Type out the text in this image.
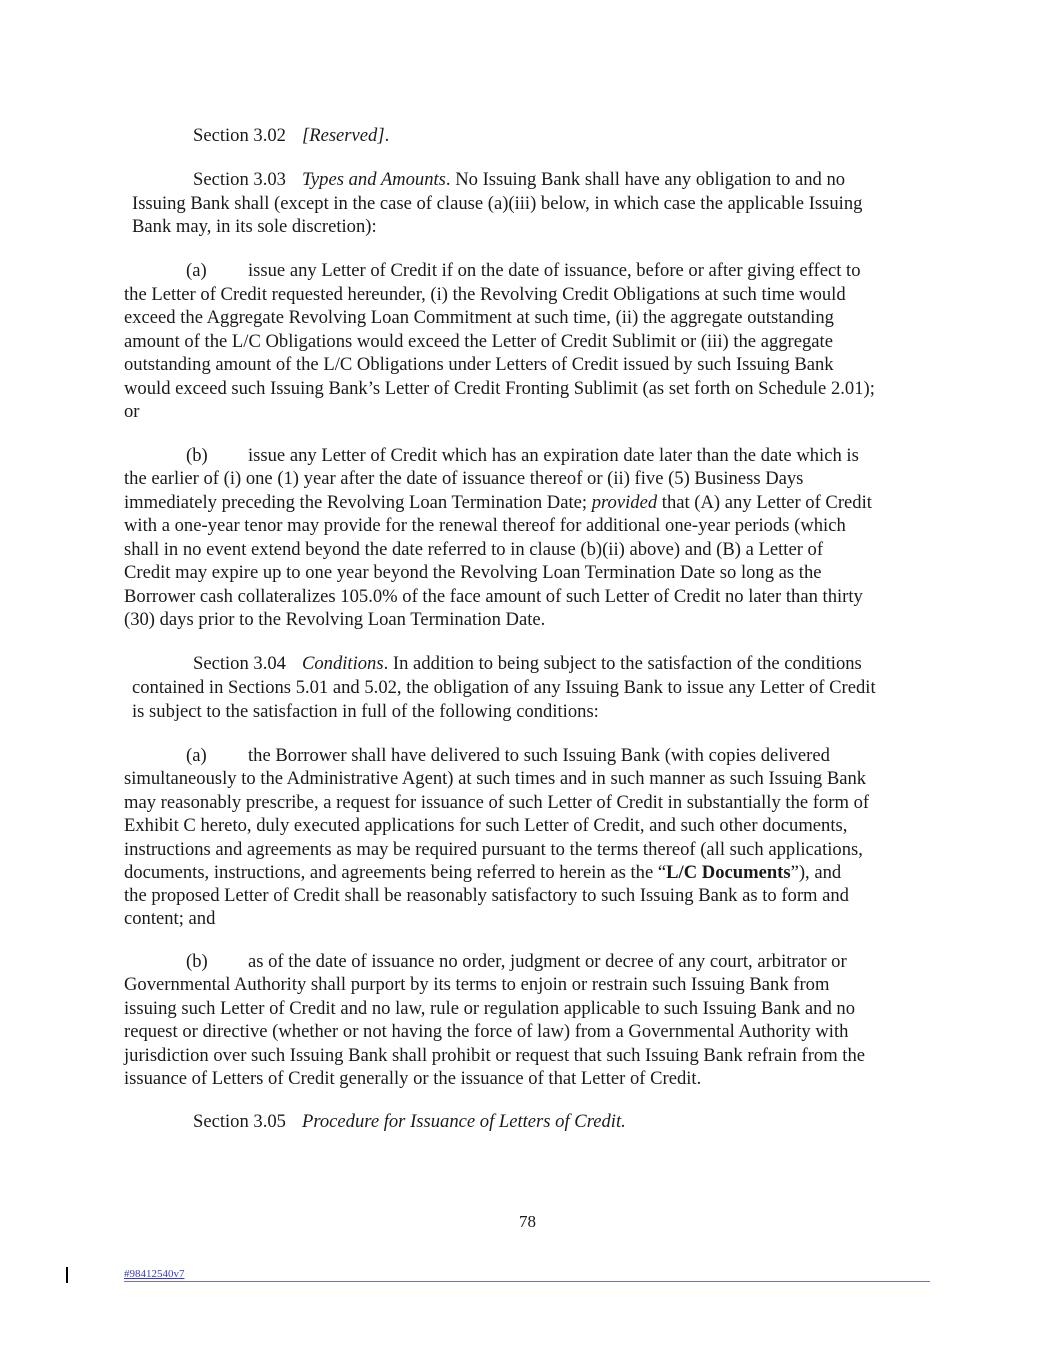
Section 3.02 [Reserved].
Section 3.03 Types and Amounts. No Issuing Bank shall have any obligation to and no
Issuing Bank shall (except in the case of clause (a)(iii) below, in which case the applicable Issuing
Bank may, in its sole discretion):
(a) issue any Letter of Credit if on the date of issuance, before or after giving effect to
the Letter of Credit requested hereunder, (i) the Revolving Credit Obligations at such time would
exceed the Aggregate Revolving Loan Commitment at such time, (ii) the aggregate outstanding
amount of the L/C Obligations would exceed the Letter of Credit Sublimit or (iii) the aggregate
outstanding amount of the L/C Obligations under Letters of Credit issued by such Issuing Bank
would exceed such Issuing Bank’s Letter of Credit Fronting Sublimit (as set forth on Schedule 2.01);
or
(b) issue any Letter of Credit which has an expiration date later than the date which is
the earlier of (i) one (1) year after the date of issuance thereof or (ii) five (5) Business Days
immediately preceding the Revolving Loan Termination Date; provided that (A) any Letter of Credit
with a one-year tenor may provide for the renewal thereof for additional one-year periods (which
shall in no event extend beyond the date referred to in clause (b)(ii) above) and (B) a Letter of
Credit may expire up to one year beyond the Revolving Loan Termination Date so long as the
Borrower cash collateralizes 105.0% of the face amount of such Letter of Credit no later than thirty
(30) days prior to the Revolving Loan Termination Date.
Section 3.04 Conditions. In addition to being subject to the satisfaction of the conditions
contained in Sections 5.01 and 5.02, the obligation of any Issuing Bank to issue any Letter of Credit
is subject to the satisfaction in full of the following conditions:
(a) the Borrower shall have delivered to such Issuing Bank (with copies delivered
simultaneously to the Administrative Agent) at such times and in such manner as such Issuing Bank
may reasonably prescribe, a request for issuance of such Letter of Credit in substantially the form of
Exhibit C hereto, duly executed applications for such Letter of Credit, and such other documents,
instructions and agreements as may be required pursuant to the terms thereof (all such applications,
documents, instructions, and agreements being referred to herein as the “L/C Documents”), and
the proposed Letter of Credit shall be reasonably satisfactory to such Issuing Bank as to form and
content; and
(b) as of the date of issuance no order, judgment or decree of any court, arbitrator or
Governmental Authority shall purport by its terms to enjoin or restrain such Issuing Bank from
issuing such Letter of Credit and no law, rule or regulation applicable to such Issuing Bank and no
request or directive (whether or not having the force of law) from a Governmental Authority with
jurisdiction over such Issuing Bank shall prohibit or request that such Issuing Bank refrain from the
issuance of Letters of Credit generally or the issuance of that Letter of Credit.
Section 3.05 Procedure for Issuance of Letters of Credit.
78
#98412540v7
